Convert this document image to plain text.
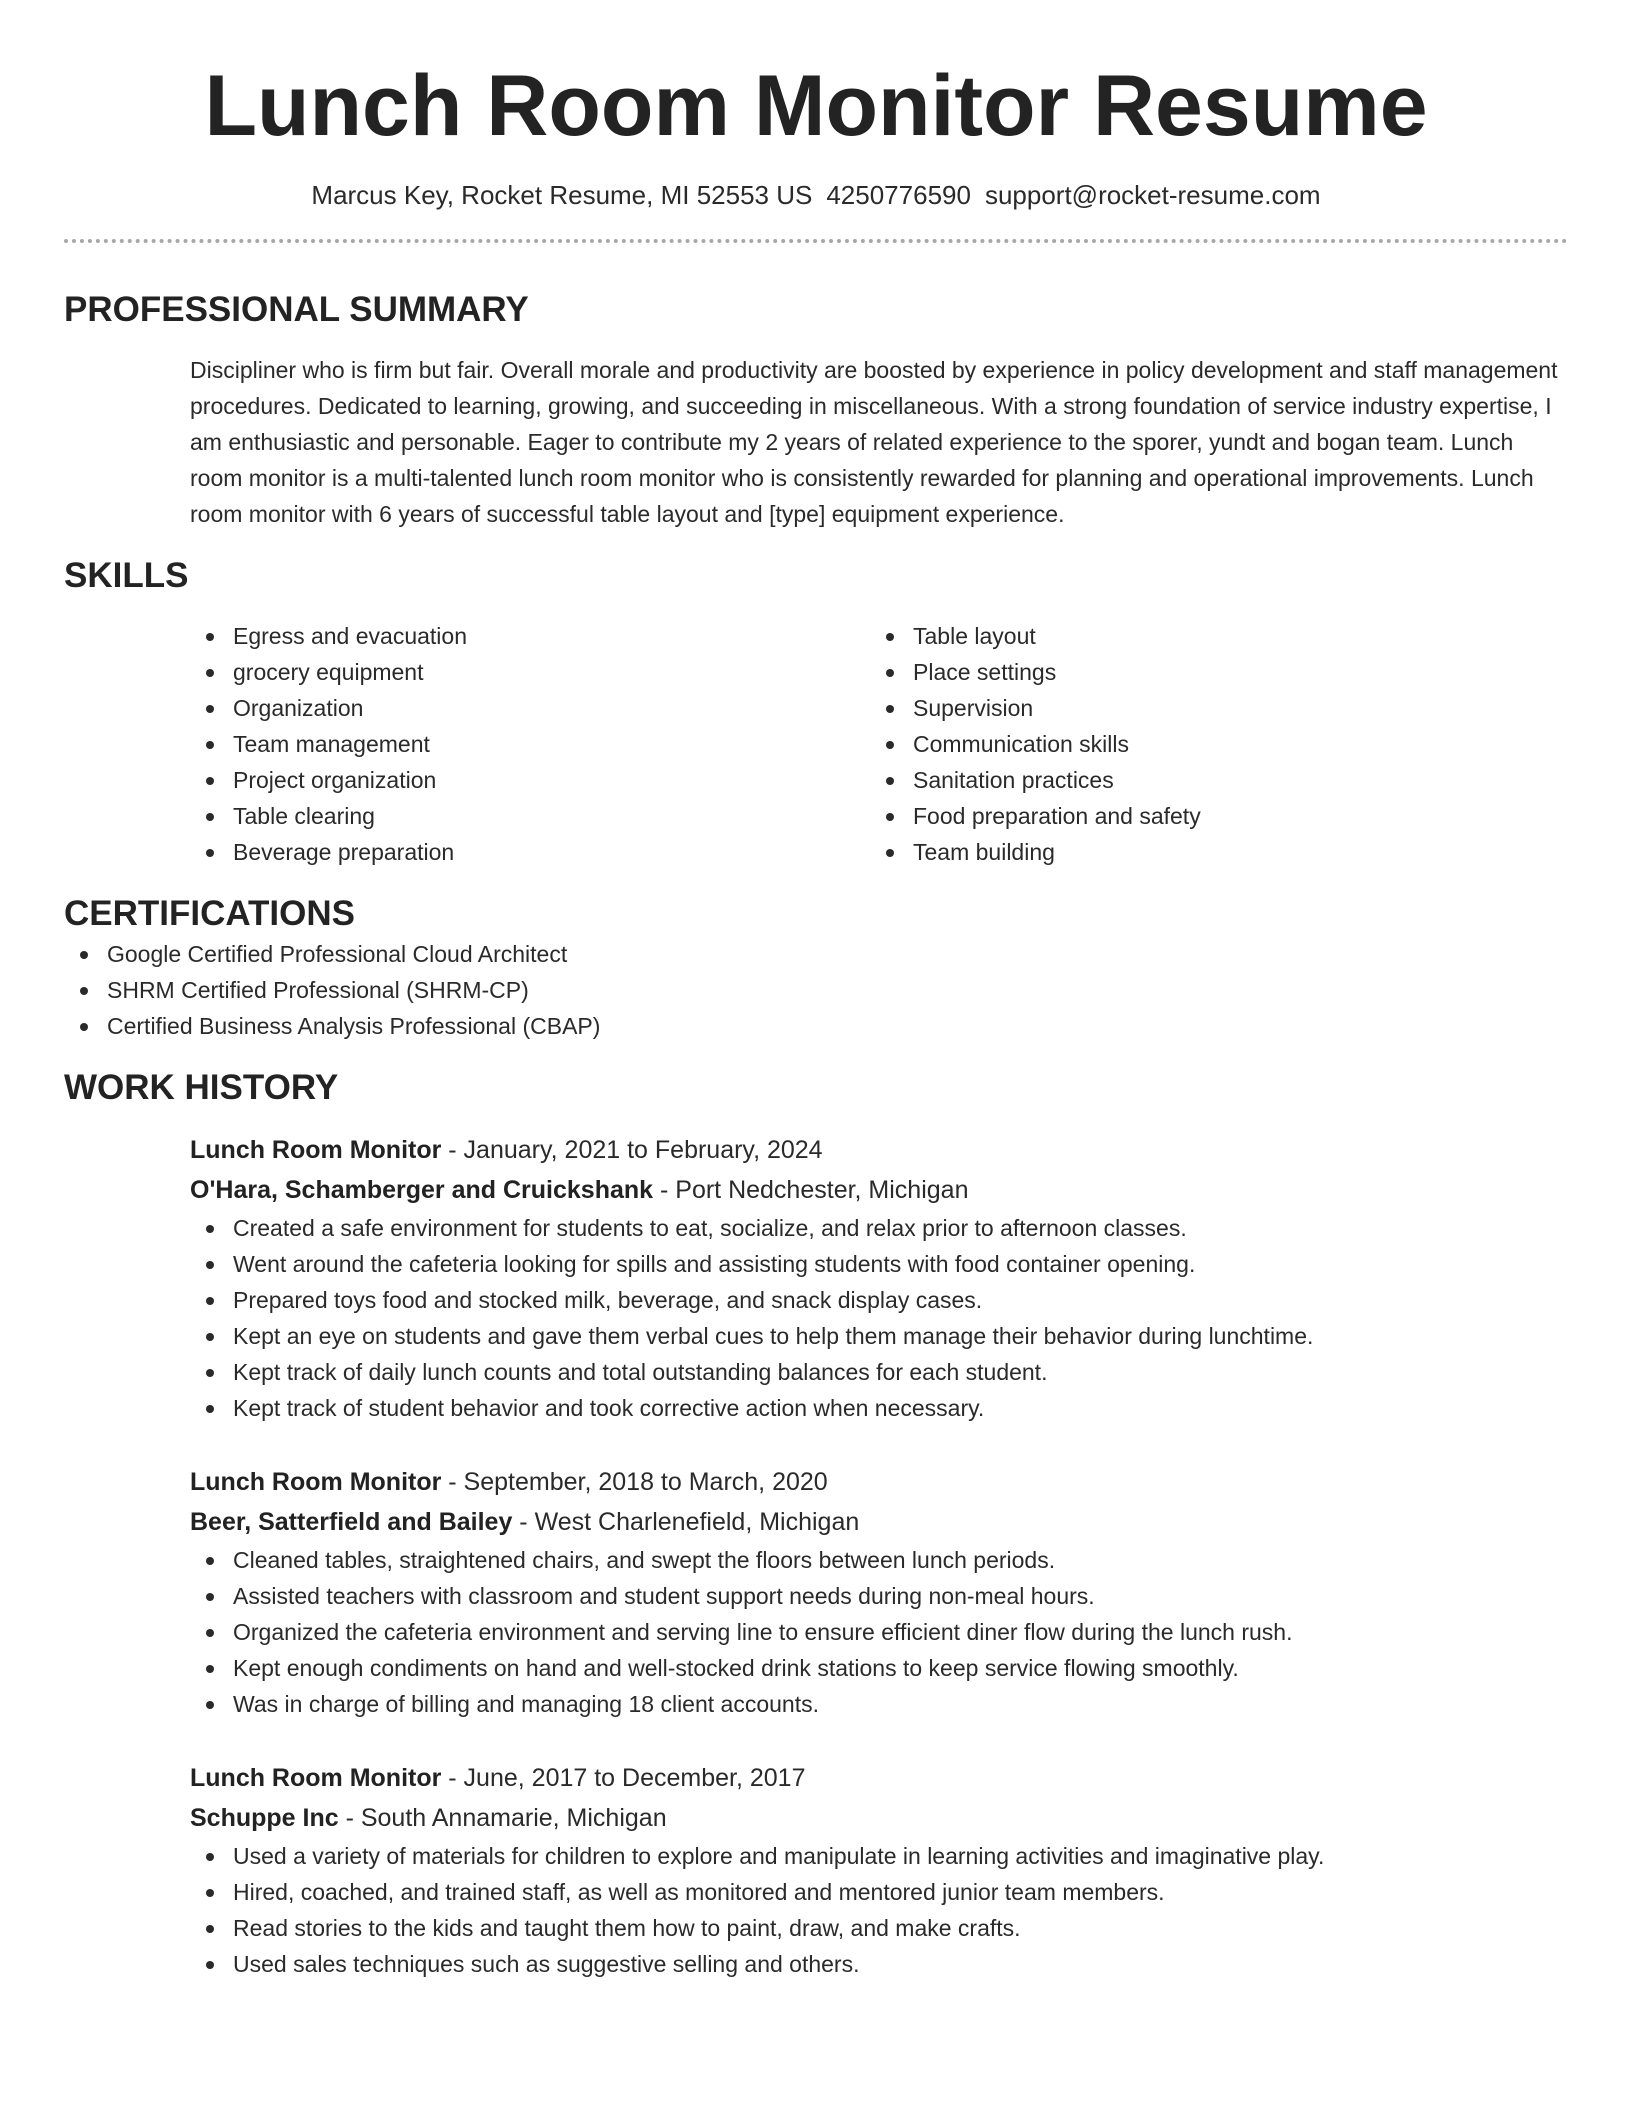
Lunch Room Monitor Resume
Marcus Key, Rocket Resume, MI 52553 US 4250776590 support@rocket-resume.com
PROFESSIONAL SUMMARY
Discipliner who is firm but fair. Overall morale and productivity are boosted by experience in policy development and staff management procedures. Dedicated to learning, growing, and succeeding in miscellaneous. With a strong foundation of service industry expertise, I am enthusiastic and personable. Eager to contribute my 2 years of related experience to the sporer, yundt and bogan team. Lunch room monitor is a multi-talented lunch room monitor who is consistently rewarded for planning and operational improvements. Lunch room monitor with 6 years of successful table layout and [type] equipment experience.
SKILLS
Egress and evacuation
grocery equipment
Organization
Team management
Project organization
Table clearing
Beverage preparation
Table layout
Place settings
Supervision
Communication skills
Sanitation practices
Food preparation and safety
Team building
CERTIFICATIONS
Google Certified Professional Cloud Architect
SHRM Certified Professional (SHRM-CP)
Certified Business Analysis Professional (CBAP)
WORK HISTORY
Lunch Room Monitor - January, 2021 to February, 2024
O'Hara, Schamberger and Cruickshank - Port Nedchester, Michigan
Created a safe environment for students to eat, socialize, and relax prior to afternoon classes.
Went around the cafeteria looking for spills and assisting students with food container opening.
Prepared toys food and stocked milk, beverage, and snack display cases.
Kept an eye on students and gave them verbal cues to help them manage their behavior during lunchtime.
Kept track of daily lunch counts and total outstanding balances for each student.
Kept track of student behavior and took corrective action when necessary.
Lunch Room Monitor - September, 2018 to March, 2020
Beer, Satterfield and Bailey - West Charlenefield, Michigan
Cleaned tables, straightened chairs, and swept the floors between lunch periods.
Assisted teachers with classroom and student support needs during non-meal hours.
Organized the cafeteria environment and serving line to ensure efficient diner flow during the lunch rush.
Kept enough condiments on hand and well-stocked drink stations to keep service flowing smoothly.
Was in charge of billing and managing 18 client accounts.
Lunch Room Monitor - June, 2017 to December, 2017
Schuppe Inc - South Annamarie, Michigan
Used a variety of materials for children to explore and manipulate in learning activities and imaginative play.
Hired, coached, and trained staff, as well as monitored and mentored junior team members.
Read stories to the kids and taught them how to paint, draw, and make crafts.
Used sales techniques such as suggestive selling and others.
